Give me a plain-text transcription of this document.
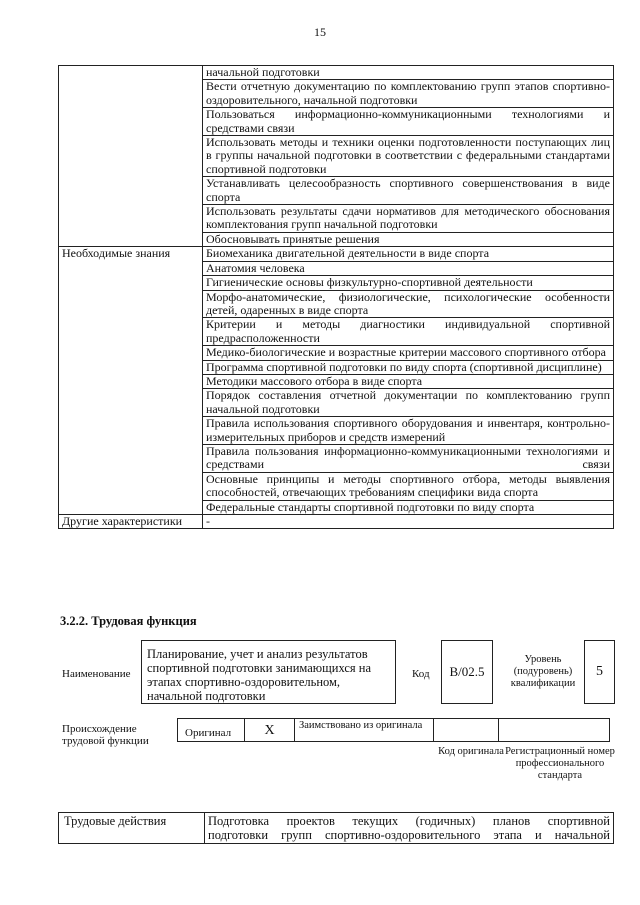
15
	начальной подготовки
	Вести отчетную документацию по комплектованию групп этапов спортивно-оздоровительного, начальной подготовки
	Пользоваться информационно-коммуникационными технологиями и средствами связи
	Использовать методы и техники оценки подготовленности поступающих лиц в группы начальной подготовки в соответствии с федеральными стандартами спортивной подготовки
	Устанавливать целесообразность спортивного совершенствования в виде спорта
	Использовать результаты сдачи нормативов для методического обоснования комплектования групп начальной подготовки
	Обосновывать принятые решения
Необходимые знания	Биомеханика двигательной деятельности в виде спорта
	Анатомия человека
	Гигиенические основы физкультурно-спортивной деятельности
	Морфо-анатомические, физиологические, психологические особенности детей, одаренных в виде спорта
	Критерии и методы диагностики индивидуальной спортивной предрасположенности
	Медико-биологические и возрастные критерии массового спортивного отбора
	Программа спортивной подготовки по виду спорта (спортивной дисциплине)
	Методики массового отбора в виде спорта
	Порядок составления отчетной документации по комплектованию групп начальной подготовки
	Правила использования спортивного оборудования и инвентаря, контрольно-измерительных приборов и средств измерений
	Правила пользования информационно-коммуникационными технологиями и средствами связи
	Основные принципы и методы спортивного отбора, методы выявления способностей, отвечающих требованиям специфики вида спорта
	Федеральные стандарты спортивной подготовки по виду спорта
Другие характеристики	-
3.2.2. Трудовая функция
Наименование
Планирование, учет и анализ результатов спортивной подготовки занимающихся на этапах спортивно-оздоровительном, начальной подготовки
Код	B/02.5
Уровень (подуровень) квалификации
5
Происхождение трудовой функции
Оригинал	X	Заимствовано из оригинала
Код оригинала Регистрационный номер профессионального стандарта
Трудовые действия	Подготовка проектов текущих (годичных) планов спортивной
подготовки групп спортивно-оздоровительного этапа и начальной
